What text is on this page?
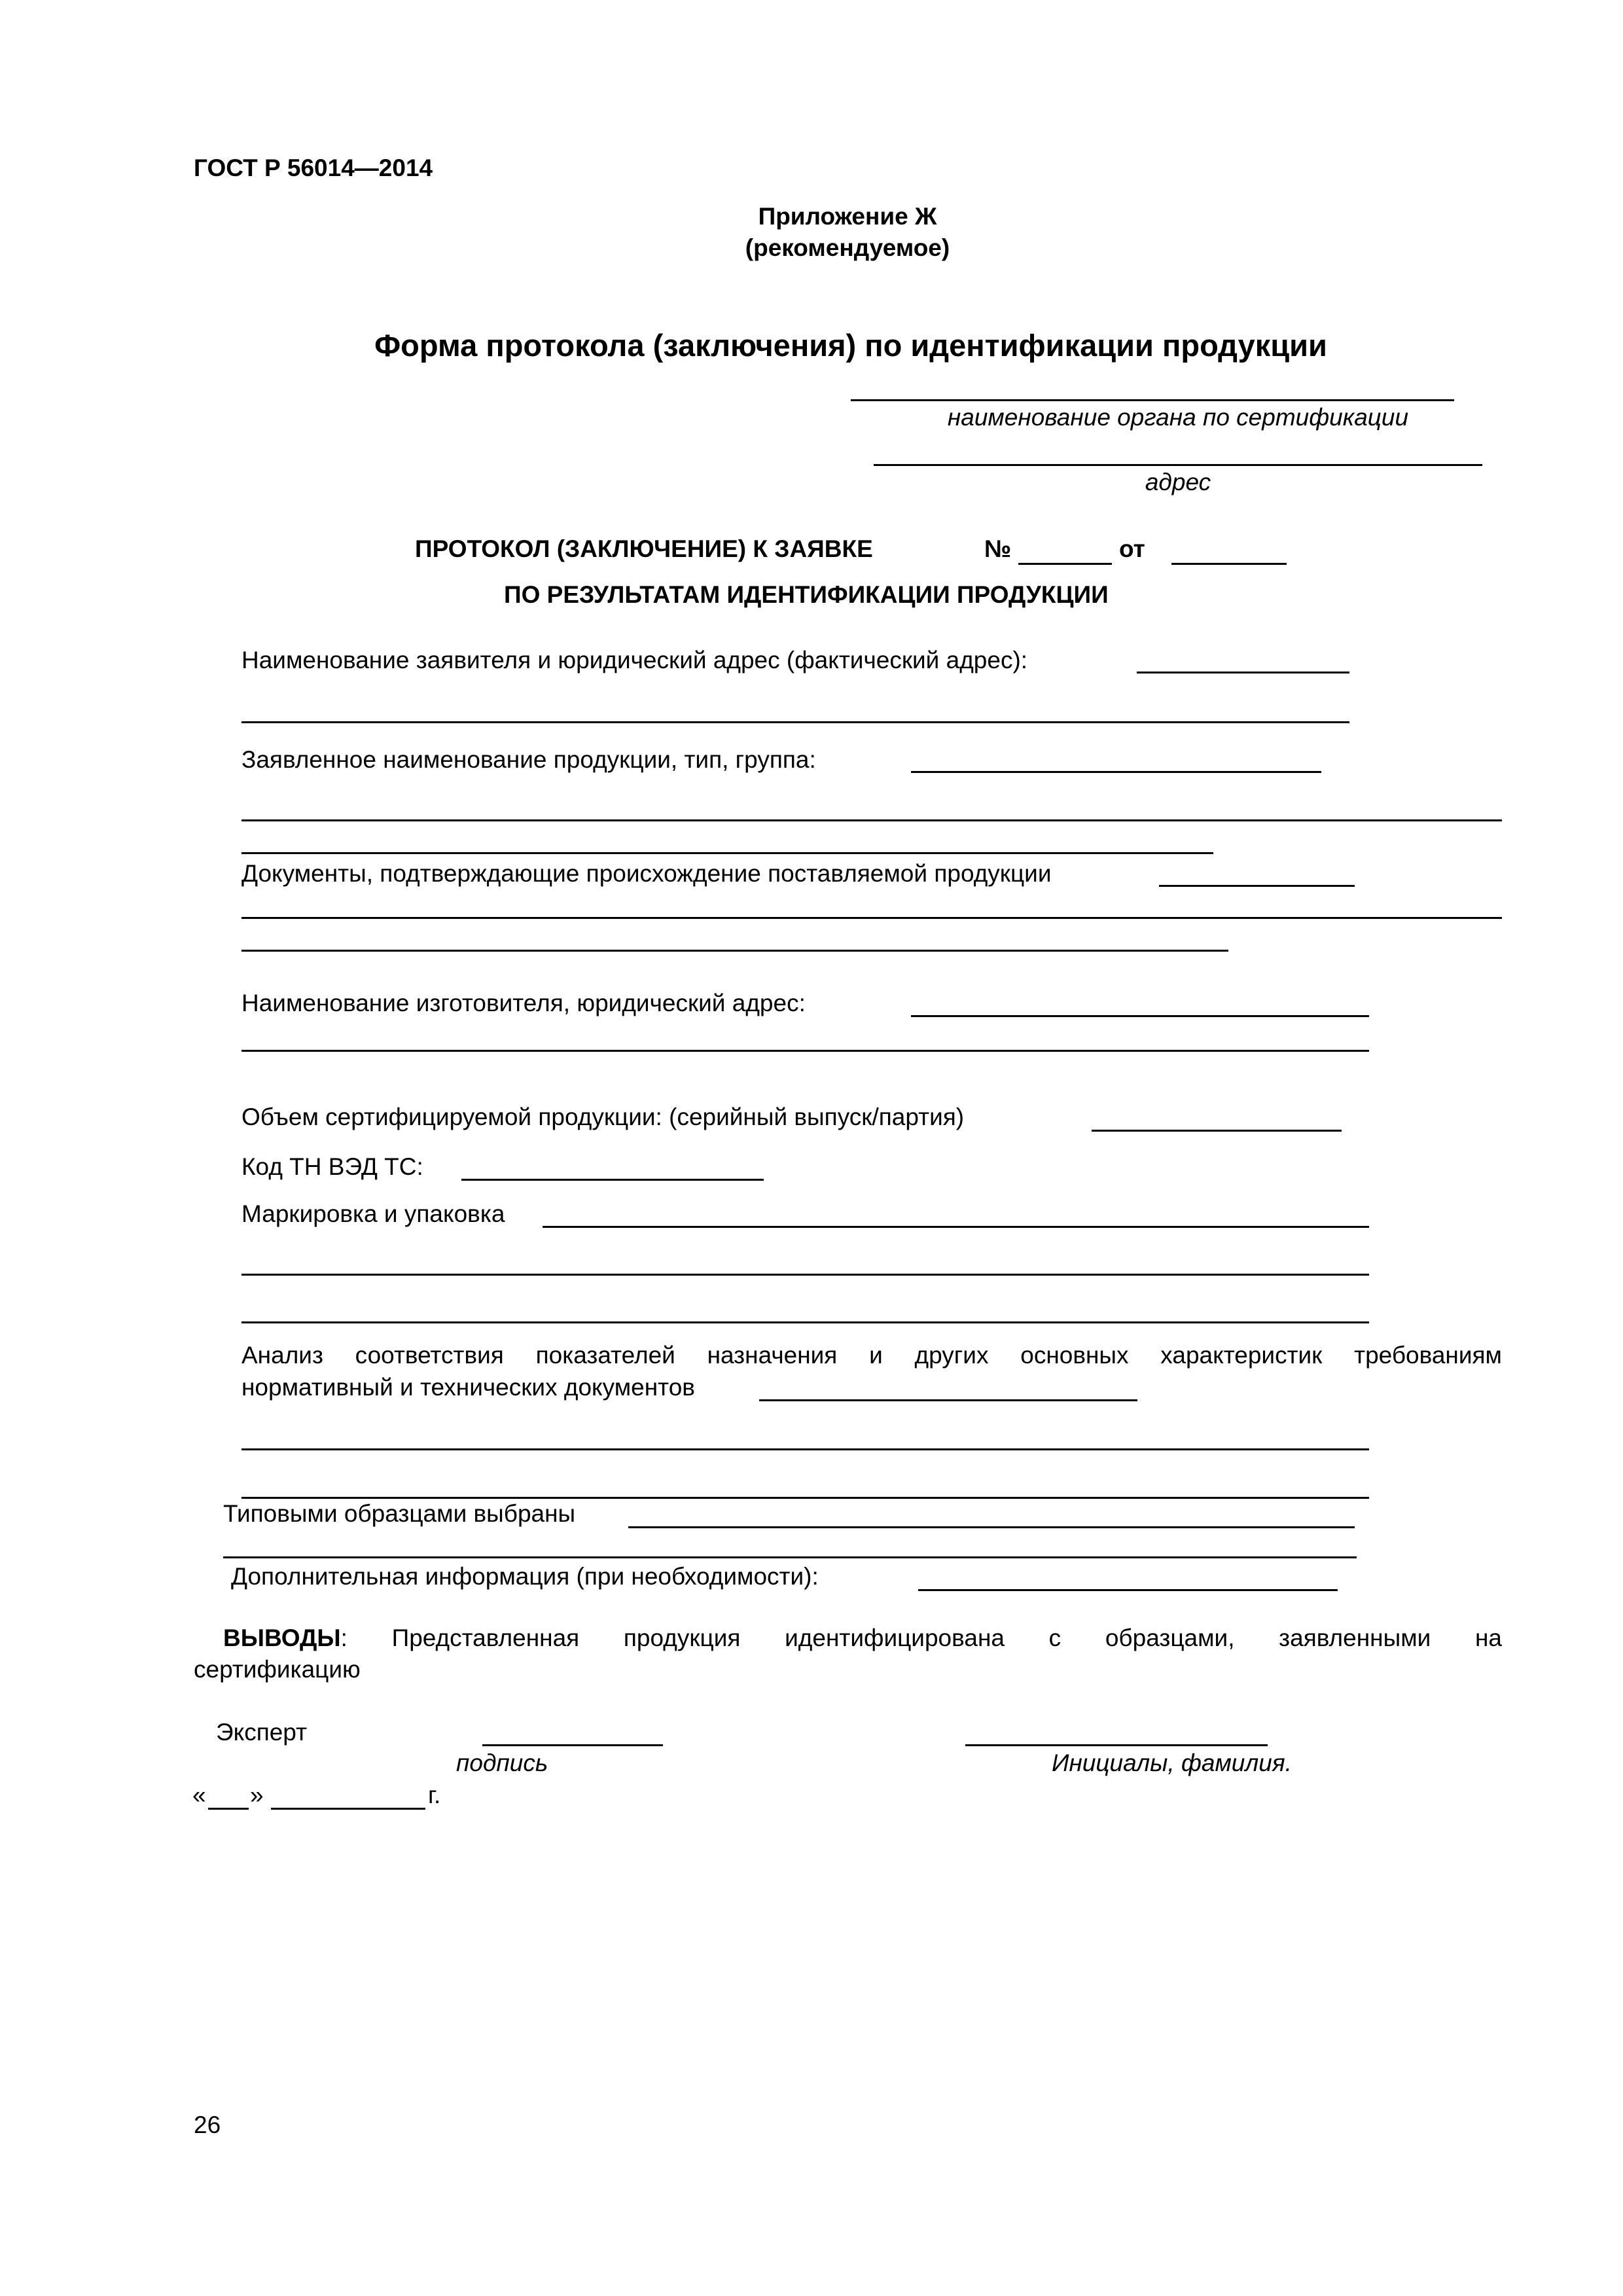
ГОСТ Р 56014—2014
Приложение Ж
(рекомендуемое)
Форма протокола (заключения) по идентификации продукции
наименование органа по сертификации
адрес
ПРОТОКОЛ (ЗАКЛЮЧЕНИЕ) К ЗАЯВКЕ	№	от
ПО РЕЗУЛЬТАТАМ ИДЕНТИФИКАЦИИ ПРОДУКЦИИ
Наименование заявителя и юридический адрес (фактический адрес):
Заявленное наименование продукции, тип, группа:
Документы, подтверждающие происхождение поставляемой продукции
Наименование изготовителя, юридический адрес:
Объем сертифицируемой продукции: (серийный выпуск/партия)
Код ТН ВЭД ТС:
Маркировка и упаковка
Анализ соответствия показателей назначения и других основных характеристик требованиям
нормативный и технических документов
Типовыми образцами выбраны
Дополнительная информация (при необходимости):
ВЫВОДЫ: Представленная продукция идентифицирована с образцами, заявленными на
сертификацию
Эксперт
подпись	Инициалы, фамилия.
« »	г.
26
